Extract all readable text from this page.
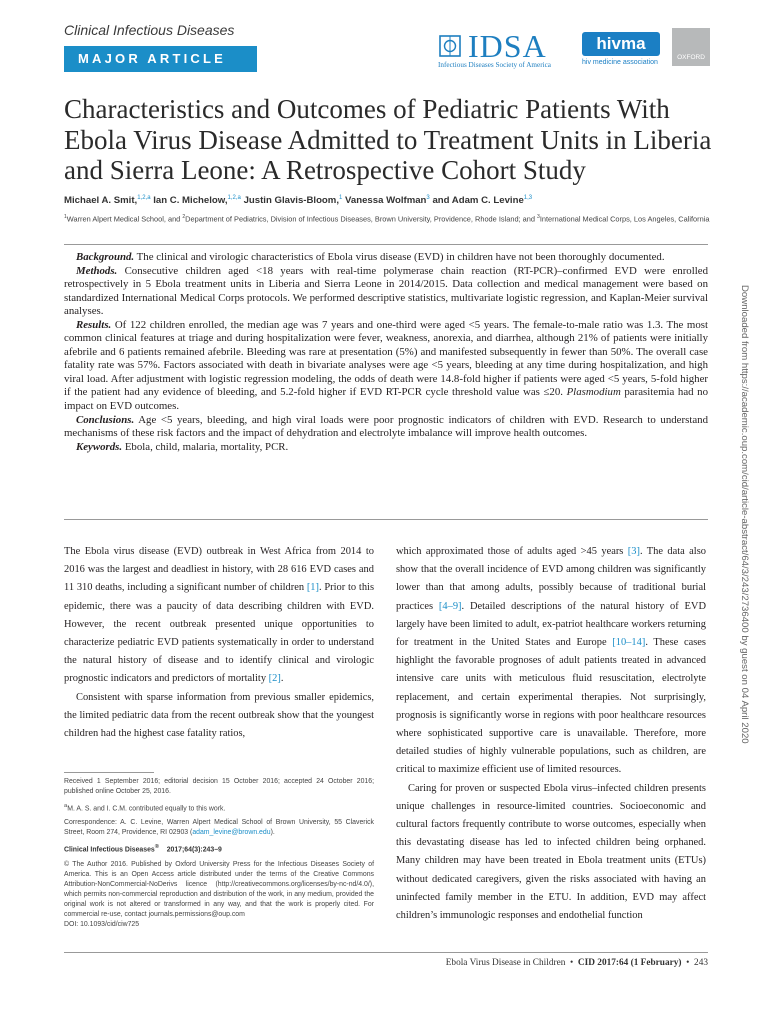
Clinical Infectious Diseases
MAJOR ARTICLE	IDSA
Infectious Diseases Society of America
hivma
hiv medicine association
OXFORD
Characteristics and Outcomes of Pediatric Patients With Ebola Virus Disease Admitted to Treatment Units in Liberia and Sierra Leone: A Retrospective Cohort Study
Michael A. Smit,$^{1,2,a}$ Ian C. Michelow,$^{1,2,a}$ Justin Glavis-Bloom,$^1$ Vanessa Wolfman$^3$ and Adam C. Levine$^{1,3}$
$^1$Warren Alpert Medical School, and $^2$Department of Pediatrics, Division of Infectious Diseases, Brown University, Providence, Rhode Island; and $^3$International Medical Corps, Los Angeles, California

Background. The clinical and virologic characteristics of Ebola virus disease (EVD) in children have not been thoroughly documented.

Methods. Consecutive children aged <18 years with real-time polymerase chain reaction (RT-PCR)–confirmed EVD were enrolled retrospectively in 5 Ebola treatment units in Liberia and Sierra Leone in 2014/2015. Data collection and medical management were based on standardized International Medical Corps protocols. We performed descriptive statistics, multivariate logistic regression, and Kaplan-Meier survival analyses.

Results. Of 122 children enrolled, the median age was 7 years and one-third were aged <5 years. The female-to-male ratio was 1.3. The most common clinical features at triage and during hospitalization were fever, weakness, anorexia, and diarrhea, although 21% of patients were initially afebrile and 6 patients remained afebrile. Bleeding was rare at presentation (5%) and manifested subsequently in fewer than 50%. The overall case fatality rate was 57%. Factors associated with death in bivariate analyses were age <5 years, bleeding at any time during hospitalization, and high viral load. After adjustment with logistic regression modeling, the odds of death were 14.8-fold higher if patients were aged <5 years, 5-fold higher if the patient had any evidence of bleeding, and 5.2-fold higher if EVD RT-PCR cycle threshold value was ≤20. Plasmodium parasitemia had no impact on EVD outcomes.

Conclusions. Age <5 years, bleeding, and high viral loads were poor prognostic indicators of children with EVD. Research to understand mechanisms of these risk factors and the impact of dehydration and electrolyte imbalance will improve health outcomes.

Keywords. Ebola, child, malaria, mortality, PCR.

The Ebola virus disease (EVD) outbreak in West Africa from 2014 to 2016 was the largest and deadliest in history, with 28 616 EVD cases and 11 310 deaths, including a significant number of children [1]. Prior to this epidemic, there was a paucity of data describing children with EVD. However, the recent outbreak presented unique opportunities to characterize pediatric EVD patients systematically in order to understand the natural history of disease and to identify clinical and virologic prognostic indicators and predictors of mortality [2].

Consistent with sparse information from previous smaller epidemics, the limited pediatric data from the recent outbreak show that the youngest children had the highest case fatality ratios,

Received 1 September 2016; editorial decision 15 October 2016; accepted 24 October 2016; published online October 25, 2016.

$^a$M. A. S. and I. C.M. contributed equally to this work.

Correspondence: A. C. Levine, Warren Alpert Medical School of Brown University, 55 Claverick Street, Room 274, Providence, RI 02903 (adam_levine@brown.edu).

Clinical Infectious Diseases® 2017;64(3):243–9

© The Author 2016. Published by Oxford University Press for the Infectious Diseases Society of America. This is an Open Access article distributed under the terms of the Creative Commons Attribution-NonCommercial-NoDerivs licence (http://creativecommons.org/licenses/by-nc-nd/4.0/), which permits non-commercial reproduction and distribution of the work, in any medium, provided the original work is not altered or transformed in any way, and that the work is properly cited. For commercial re-use, contact journals.permissions@oup.com
DOI: 10.1093/cid/ciw725

which approximated those of adults aged >45 years [3]. The data also show that the overall incidence of EVD among children was significantly lower than that among adults, possibly because of traditional burial practices [4–9]. Detailed descriptions of the natural history of EVD largely have been limited to adult, ex-patriot healthcare workers returning for treatment in the United States and Europe [10–14]. These cases highlight the favorable prognoses of adult patients treated in advanced intensive care units with meticulous fluid resuscitation, electrolyte replacement, and certain experimental therapies. Not surprisingly, prognosis is significantly worse in regions with poor healthcare resources where sophisticated supportive care is unavailable. Therefore, more detailed studies of highly vulnerable populations, such as children, are critical to maximize efficient use of limited resources.

Caring for proven or suspected Ebola virus–infected children presents unique challenges in resource-limited countries. Socioeconomic and cultural factors frequently contribute to worse outcomes, especially when this devastating disease has led to infected children being orphaned. Many children may have been treated in Ebola treatment units (ETUs) without dedicated caregivers, given the risks associated with having an uninfected family member in the ETU. In addition, EVD may affect children’s immunologic responses and endothelial function

Ebola Virus Disease in Children • CID 2017:64 (1 February) • 243
Downloaded from https://academic.oup.com/cid/article-abstract/64/3/243/2736400 by guest on 04 April 2020
